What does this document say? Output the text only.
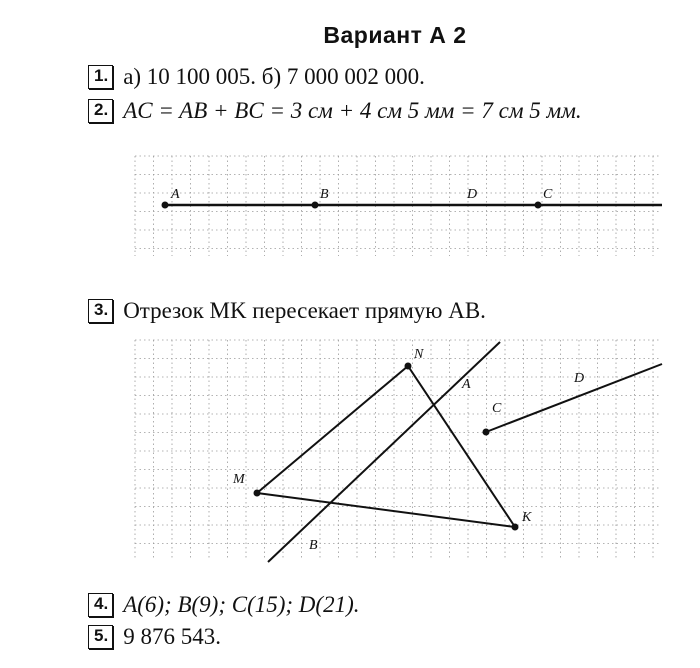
Вариант А 2
1. а) 10 100 005. б) 7 000 002 000.
2. AC = AB + BC = 3 см + 4 см 5 мм = 7 см 5 мм.
A	B	D	C
3. Отрезок MK пересекает прямую AB.
N
A
M
B
K
C
D
4. A(6); B(9); C(15); D(21).
5. 9 876 543.
